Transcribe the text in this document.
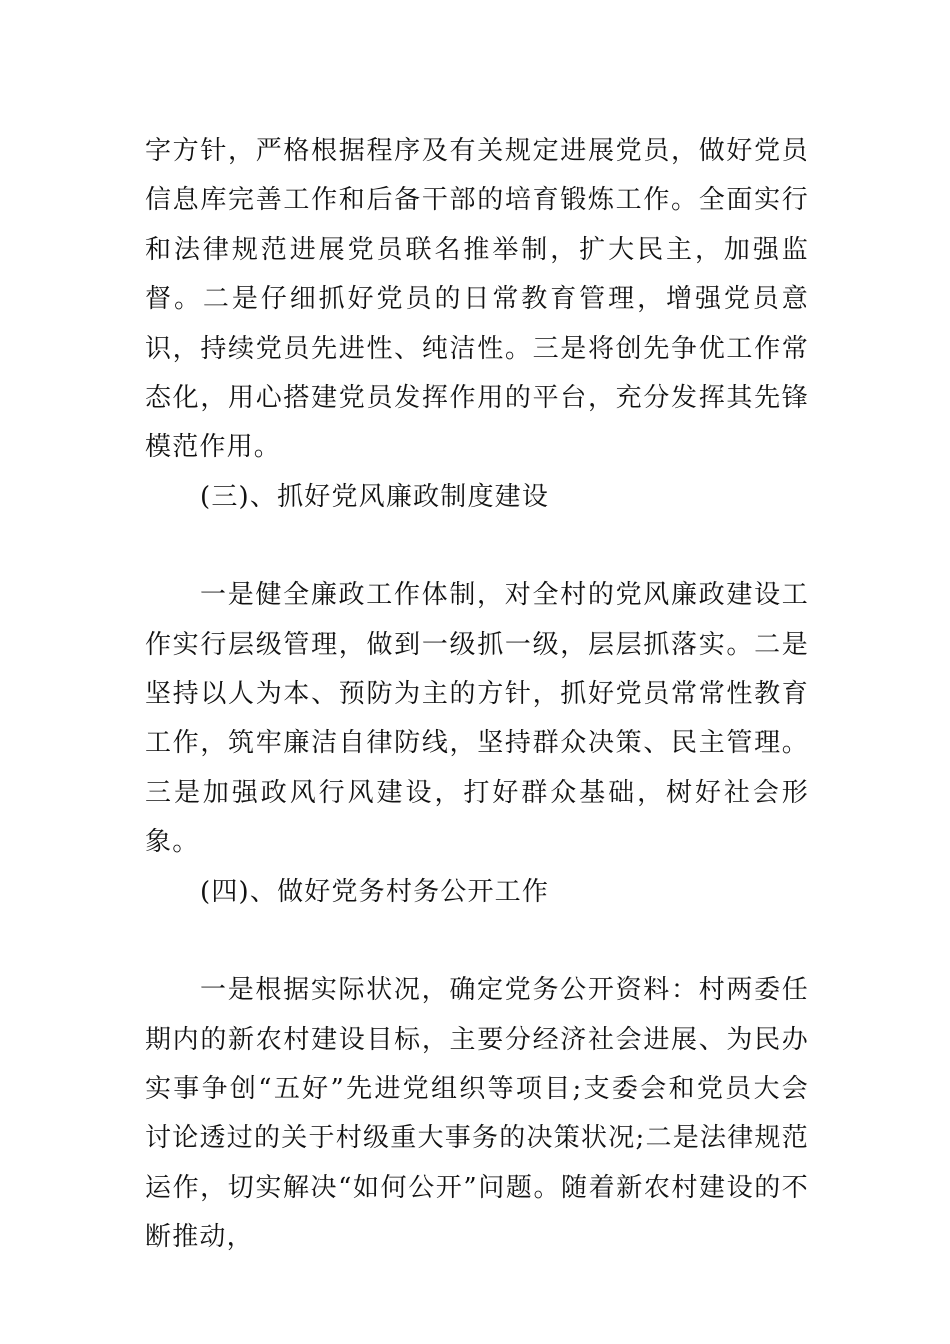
字方针，严格根据程序及有关规定进展党员，做好党员信息库完善工作和后备干部的培育锻炼工作。全面实行和法律规范进展党员联名推举制，扩大民主，加强监督。二是仔细抓好党员的日常教育管理，增强党员意识，持续党员先进性、纯洁性。三是将创先争优工作常态化，用心搭建党员发挥作用的平台，充分发挥其先锋模范作用。

(三)、抓好党风廉政制度建设

一是健全廉政工作体制，对全村的党风廉政建设工作实行层级管理，做到一级抓一级，层层抓落实。二是坚持以人为本、预防为主的方针，抓好党员常常性教育工作，筑牢廉洁自律防线，坚持群众决策、民主管理。三是加强政风行风建设，打好群众基础，树好社会形象。

(四)、做好党务村务公开工作

一是根据实际状况，确定党务公开资料：村两委任期内的新农村建设目标，主要分经济社会进展、为民办实事争创“五好”先进党组织等项目;支委会和党员大会讨论透过的关于村级重大事务的决策状况;二是法律规范运作，切实解决“如何公开”问题。随着新农村建设的不断推动，
